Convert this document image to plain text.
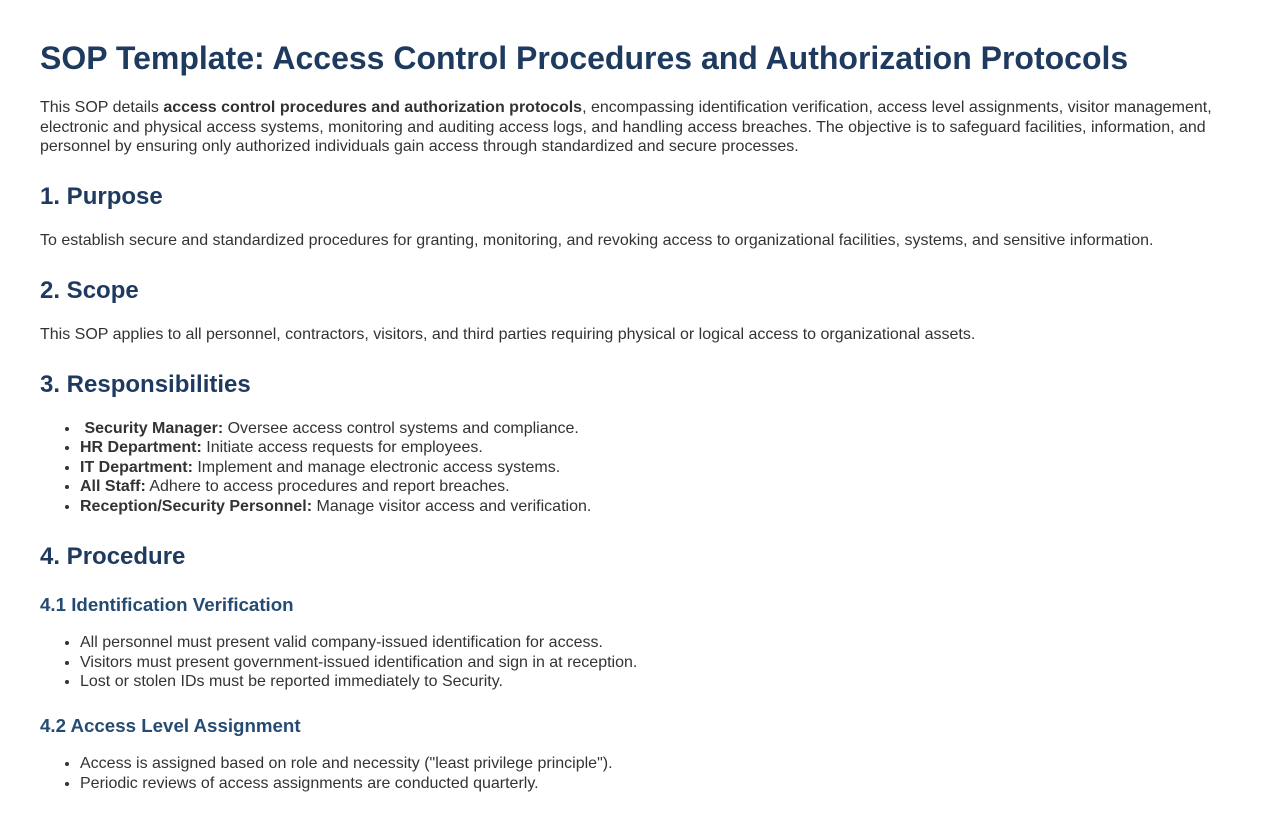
SOP Template: Access Control Procedures and Authorization Protocols

This SOP details access control procedures and authorization protocols, encompassing identification verification, access level assignments, visitor management, electronic and physical access systems, monitoring and auditing access logs, and handling access breaches. The objective is to safeguard facilities, information, and personnel by ensuring only authorized individuals gain access through standardized and secure processes.

1. Purpose

To establish secure and standardized procedures for granting, monitoring, and revoking access to organizational facilities, systems, and sensitive information.

2. Scope

This SOP applies to all personnel, contractors, visitors, and third parties requiring physical or logical access to organizational assets.

3. Responsibilities
•  Security Manager: Oversee access control systems and compliance.
• HR Department: Initiate access requests for employees.
• IT Department: Implement and manage electronic access systems.
• All Staff: Adhere to access procedures and report breaches.
• Reception/Security Personnel: Manage visitor access and verification.
4. Procedure
4.1 Identification Verification
• All personnel must present valid company-issued identification for access.
• Visitors must present government-issued identification and sign in at reception.
• Lost or stolen IDs must be reported immediately to Security.
4.2 Access Level Assignment
• Access is assigned based on role and necessity ("least privilege principle").
• Periodic reviews of access assignments are conducted quarterly.
